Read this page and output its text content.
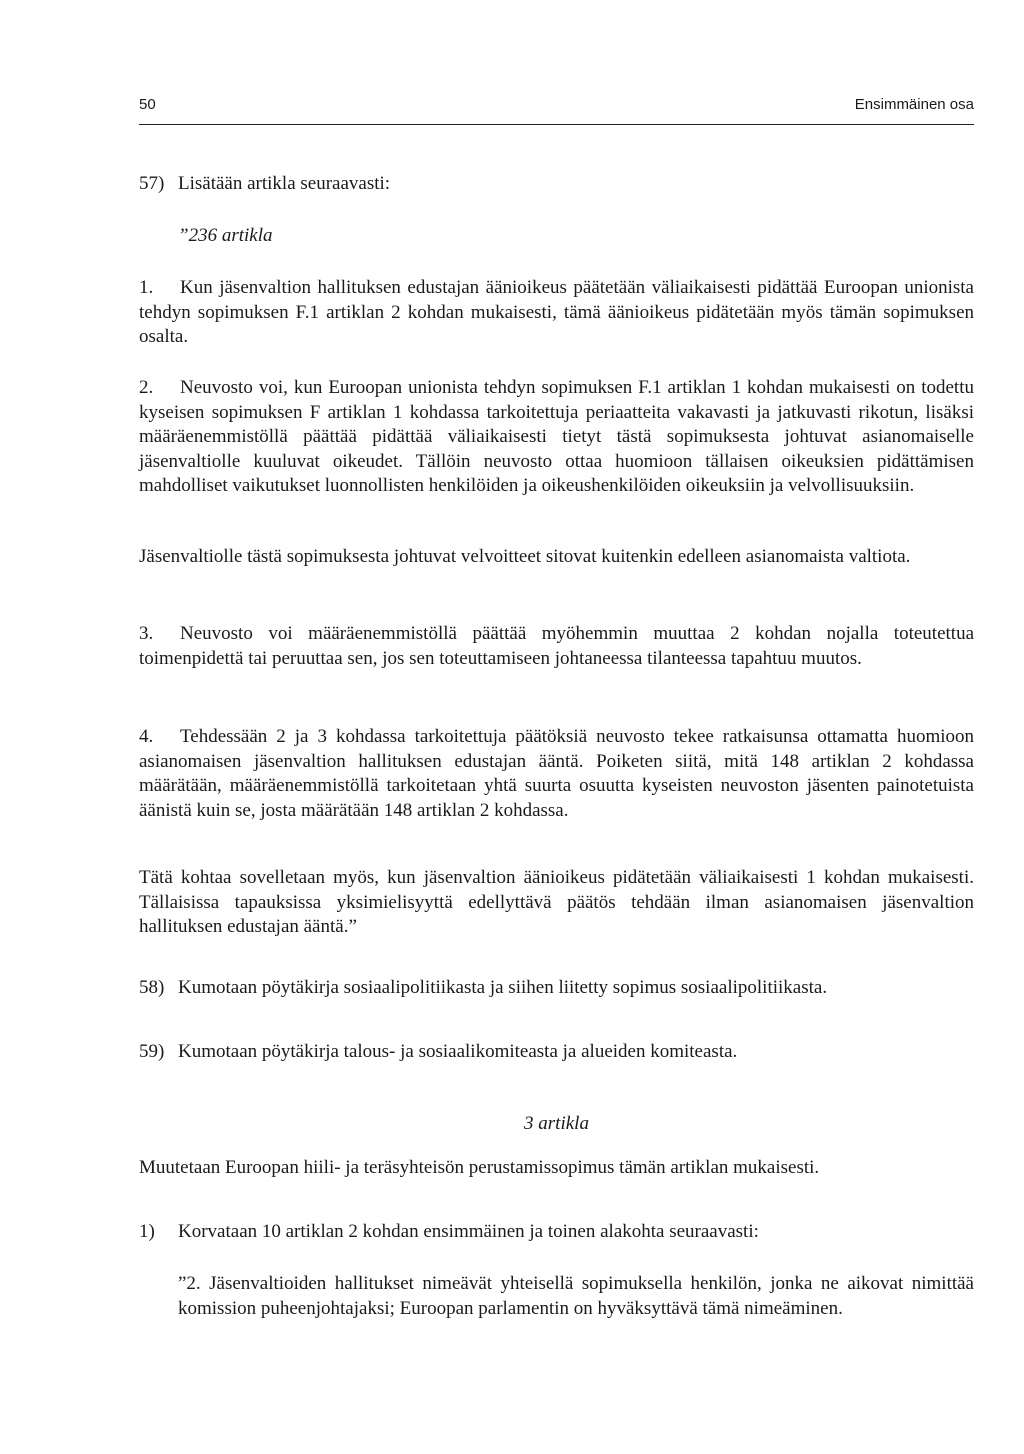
50	Ensimmäinen osa
57) Lisätään artikla seuraavasti:
”236 artikla
1. Kun jäsenvaltion hallituksen edustajan äänioikeus päätetään väliaikaisesti pidättää Euroopan unionista tehdyn sopimuksen F.1 artiklan 2 kohdan mukaisesti, tämä äänioikeus pidätetään myös tämän sopimuksen osalta.
2. Neuvosto voi, kun Euroopan unionista tehdyn sopimuksen F.1 artiklan 1 kohdan mukaisesti on todettu kyseisen sopimuksen F artiklan 1 kohdassa tarkoitettuja periaatteita vakavasti ja jatkuvasti rikotun, lisäksi määräenemmistöllä päättää pidättää väliaikaisesti tietyt tästä sopimuksesta johtuvat asianomaiselle jäsenvaltiolle kuuluvat oikeudet. Tällöin neuvosto ottaa huomioon tällaisen oikeuksien pidättämisen mahdolliset vaikutukset luonnollisten henkilöiden ja oikeushenkilöiden oikeuksiin ja velvollisuuksiin.
Jäsenvaltiolle tästä sopimuksesta johtuvat velvoitteet sitovat kuitenkin edelleen asianomaista valtiota.
3. Neuvosto voi määräenemmistöllä päättää myöhemmin muuttaa 2 kohdan nojalla toteutettua toimenpidettä tai peruuttaa sen, jos sen toteuttamiseen johtaneessa tilanteessa tapahtuu muutos.
4. Tehdessään 2 ja 3 kohdassa tarkoitettuja päätöksiä neuvosto tekee ratkaisunsa ottamatta huomioon asianomaisen jäsenvaltion hallituksen edustajan ääntä. Poiketen siitä, mitä 148 artiklan 2 kohdassa määrätään, määräenemmistöllä tarkoitetaan yhtä suurta osuutta kyseisten neuvoston jäsenten painotetuista äänistä kuin se, josta määrätään 148 artiklan 2 kohdassa.
Tätä kohtaa sovelletaan myös, kun jäsenvaltion äänioikeus pidätetään väliaikaisesti 1 kohdan mukaisesti. Tällaisissa tapauksissa yksimielisyyttä edellyttävä päätös tehdään ilman asianomaisen jäsenvaltion hallituksen edustajan ääntä.”
58) Kumotaan pöytäkirja sosiaalipolitiikasta ja siihen liitetty sopimus sosiaalipolitiikasta.
59) Kumotaan pöytäkirja talous- ja sosiaalikomiteasta ja alueiden komiteasta.
3 artikla
Muutetaan Euroopan hiili- ja teräsyhteisön perustamissopimus tämän artiklan mukaisesti.
1) Korvataan 10 artiklan 2 kohdan ensimmäinen ja toinen alakohta seuraavasti:
”2. Jäsenvaltioiden hallitukset nimeävät yhteisellä sopimuksella henkilön, jonka ne aikovat nimittää komission puheenjohtajaksi; Euroopan parlamentin on hyväksyttävä tämä nimeäminen.
